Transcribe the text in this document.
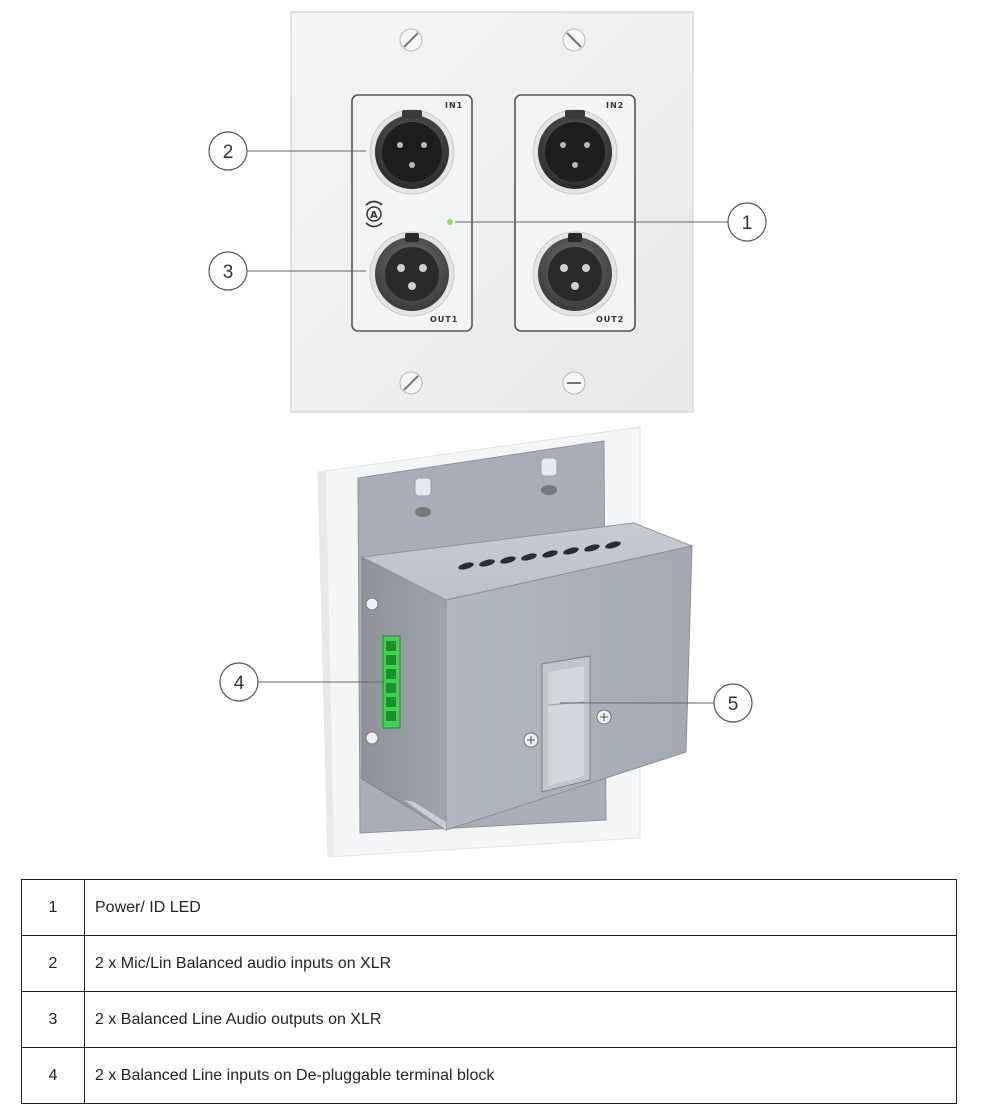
IN1	IN2
OUT1	OUT2
A	1
2
3
4
5
1	Power/ ID LED
2	2 x Mic/Lin Balanced audio inputs on XLR
3	2 x Balanced Line Audio outputs on XLR
4	2 x Balanced Line inputs on De-pluggable terminal block
